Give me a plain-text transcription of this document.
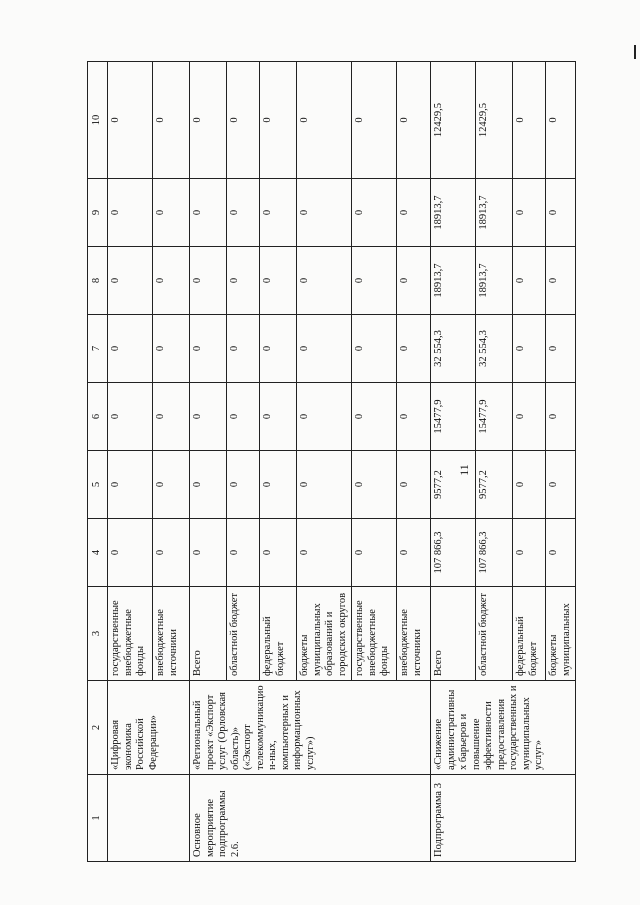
11
1	2	3	4	5	6	7	8	9	10
	«Цифровая экономика Российской Федерации»	государственные внебюджетные фонды	0	0	0	0	0	0	0
		внебюджетные источники	0	0	0	0	0	0	0
Основное мероприятие подпрограммы 2.6.	«Региональный проект «Экспорт услуг (Орловская область)» («Экспорт телекоммуникацион-ных, компьютерных и информационных услуг»)	Всего	0	0	0	0	0	0	0
		областной бюджет	0	0	0	0	0	0	0
		федеральный бюджет	0	0	0	0	0	0	0
		бюджеты муниципальных образований и городских округов	0	0	0	0	0	0	0
		государственные внебюджетные фонды	0	0	0	0	0	0	0
		внебюджетные источники	0	0	0	0	0	0	0
Подпрограмма 3	«Снижение административных барьеров и повышение эффективности предоставления государственных и муниципальных услуг»	Всего	107 866,3	9577,2	15477,9	32 554,3	18913,7	18913,7	12429,5
		областной бюджет	107 866,3	9577,2	15477,9	32 554,3	18913,7	18913,7	12429,5
		федеральный бюджет	0	0	0	0	0	0	0
		бюджеты муниципальных	0	0	0	0	0	0	0
